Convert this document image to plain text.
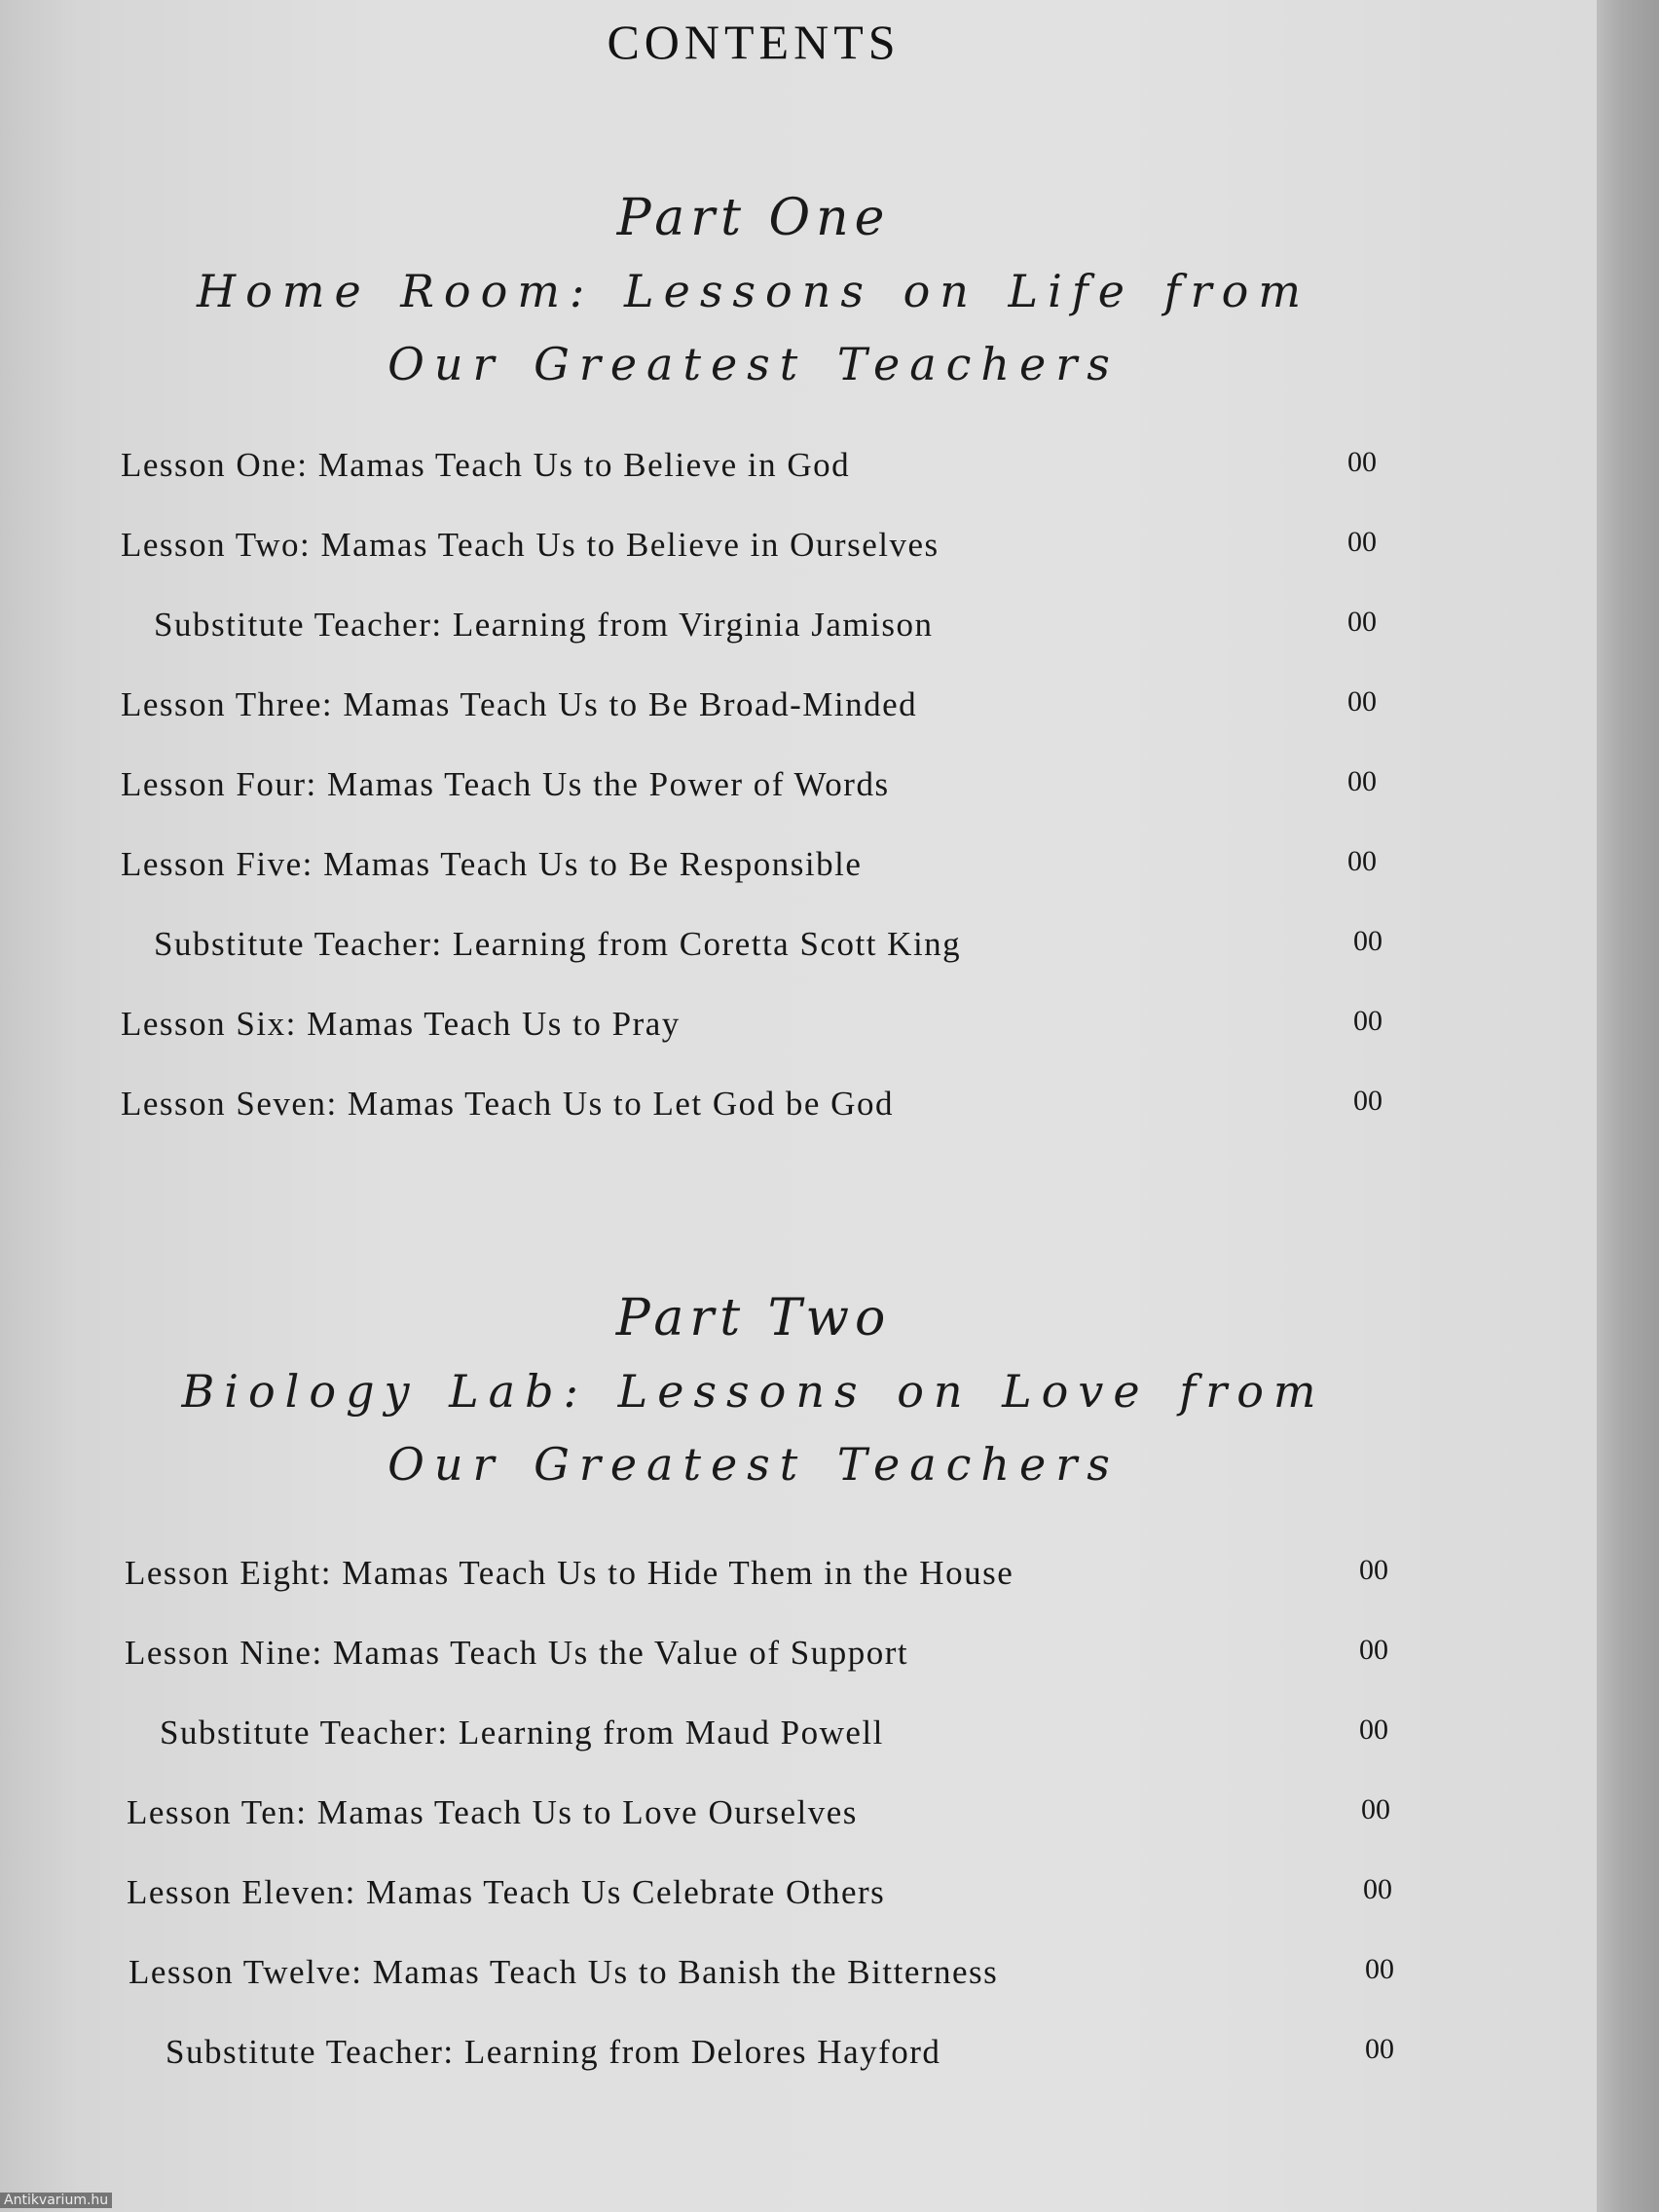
CONTENTS
Part One
Home Room: Lessons on Life from
Our Greatest Teachers
Lesson One: Mamas Teach Us to Believe in God	00
Lesson Two: Mamas Teach Us to Believe in Ourselves	00
Substitute Teacher: Learning from Virginia Jamison	00
Lesson Three: Mamas Teach Us to Be Broad-Minded	00
Lesson Four: Mamas Teach Us the Power of Words	00
Lesson Five: Mamas Teach Us to Be Responsible	00
Substitute Teacher: Learning from Coretta Scott King	00
Lesson Six: Mamas Teach Us to Pray	00
Lesson Seven: Mamas Teach Us to Let God be God	00
Part Two
Biology Lab: Lessons on Love from
Our Greatest Teachers
Lesson Eight: Mamas Teach Us to Hide Them in the House	00
Lesson Nine: Mamas Teach Us the Value of Support	00
Substitute Teacher: Learning from Maud Powell	00
Lesson Ten: Mamas Teach Us to Love Ourselves	00
Lesson Eleven: Mamas Teach Us Celebrate Others	00
Lesson Twelve: Mamas Teach Us to Banish the Bitterness	00
Substitute Teacher: Learning from Delores Hayford	00
Antikvarium.hu
